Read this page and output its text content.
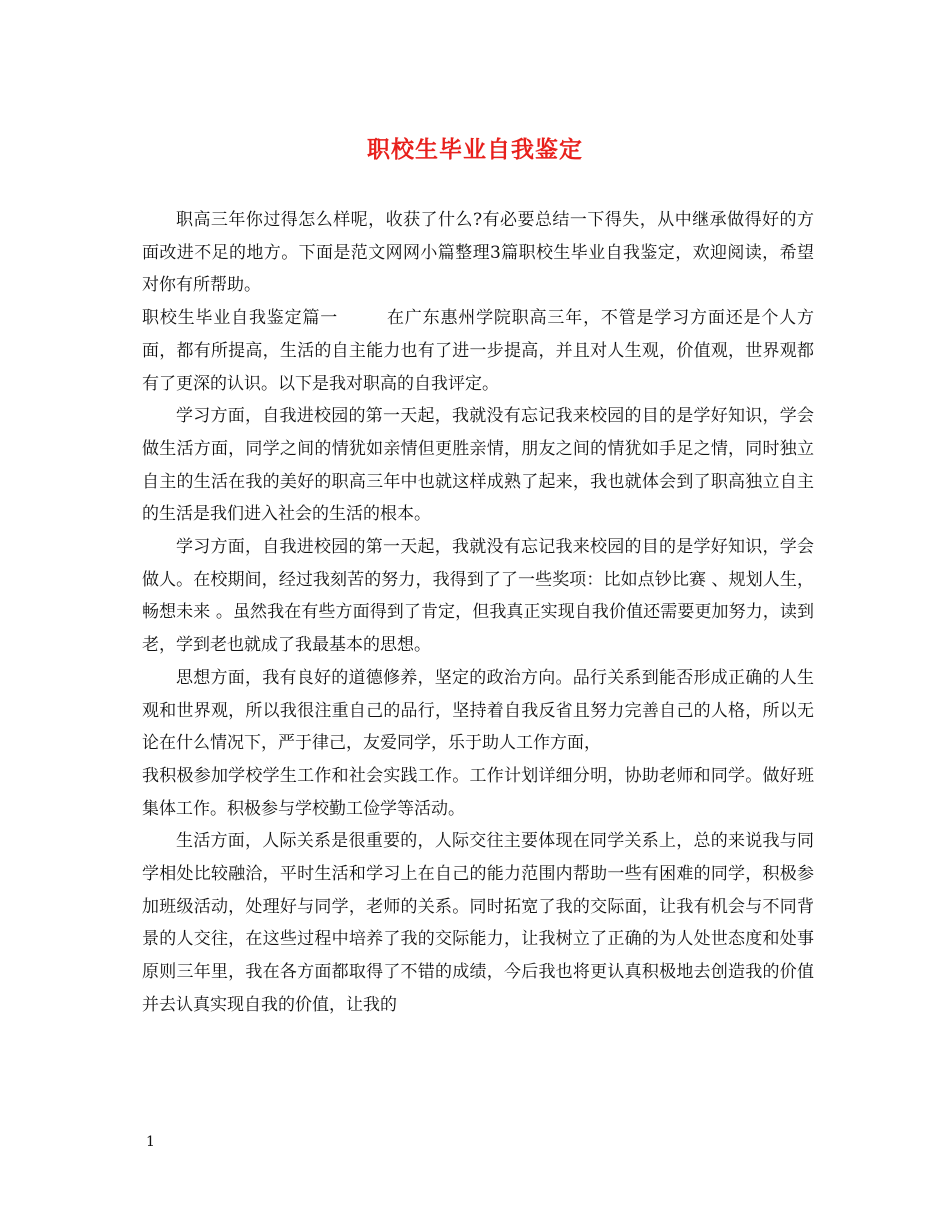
职校生毕业自我鉴定

职高三年你过得怎么样呢，收获了什么?有必要总结一下得失，从中继承做得好的方面改进不足的地方。下面是范文网网小篇整理3篇职校生毕业自我鉴定，欢迎阅读，希望对你有所帮助。

职校生毕业自我鉴定篇一	在广东惠州学院职高三年，不管是学习方面还是个人方面，都有所提高，生活的自主能力也有了进一步提高，并且对人生观，价值观，世界观都有了更深的认识。以下是我对职高的自我评定。

学习方面，自我进校园的第一天起，我就没有忘记我来校园的目的是学好知识，学会做生活方面，同学之间的情犹如亲情但更胜亲情，朋友之间的情犹如手足之情，同时独立自主的生活在我的美好的职高三年中也就这样成熟了起来，我也就体会到了职高独立自主的生活是我们进入社会的生活的根本。

学习方面，自我进校园的第一天起，我就没有忘记我来校园的目的是学好知识，学会做人。在校期间，经过我刻苦的努力，我得到了了一些奖项：比如点钞比赛 、规划人生，畅想未来 。虽然我在有些方面得到了肯定，但我真正实现自我价值还需要更加努力，读到老，学到老也就成了我最基本的思想。

思想方面，我有良好的道德修养，坚定的政治方向。品行关系到能否形成正确的人生观和世界观，所以我很注重自己的品行，坚持着自我反省且努力完善自己的人格，所以无论在什么情况下，严于律己，友爱同学，乐于助人工作方面，

我积极参加学校学生工作和社会实践工作。工作计划详细分明，协助老师和同学。做好班集体工作。积极参与学校勤工俭学等活动。

生活方面，人际关系是很重要的，人际交往主要体现在同学关系上，总的来说我与同学相处比较融洽，平时生活和学习上在自己的能力范围内帮助一些有困难的同学，积极参加班级活动，处理好与同学，老师的关系。同时拓宽了我的交际面，让我有机会与不同背景的人交往，在这些过程中培养了我的交际能力，让我树立了正确的为人处世态度和处事原则三年里，我在各方面都取得了不错的成绩，今后我也将更认真积极地去创造我的价值并去认真实现自我的价值，让我的

1
